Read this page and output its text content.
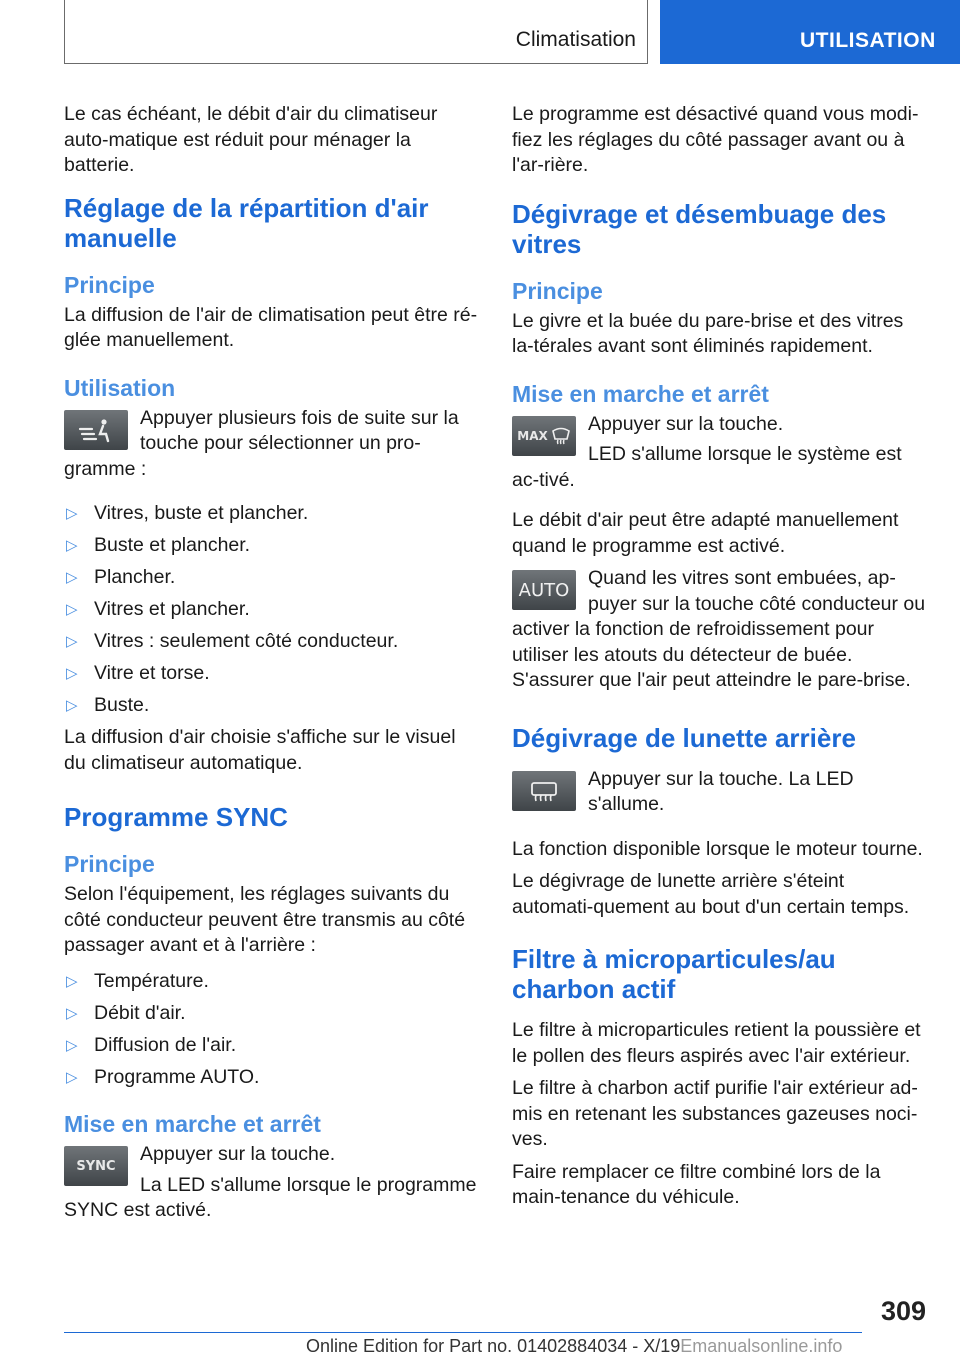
Climatisation	UTILISATION

Le cas échéant, le débit d'air du climatiseur auto-matique est réduit pour ménager la batterie.

Réglage de la répartition d'air manuelle
Principe

La diffusion de l'air de climatisation peut être ré-glée manuellement.

Utilisation

Appuyer plusieurs fois de suite sur la touche pour sélectionner un pro-gramme :

▷ Vitres, buste et plancher.
▷ Buste et plancher.
▷ Plancher.
▷ Vitres et plancher.
▷ Vitres : seulement côté conducteur.
▷ Vitre et torse.
▷ Buste.

La diffusion d'air choisie s'affiche sur le visuel du climatiseur automatique.

Programme SYNC
Principe

Selon l'équipement, les réglages suivants du côté conducteur peuvent être transmis au côté passager avant et à l'arrière :

▷ Température.
▷ Débit d'air.
▷ Diffusion de l'air.
▷ Programme AUTO.
Mise en marche et arrêt
SYNC

Appuyer sur la touche.

La LED s'allume lorsque le programme SYNC est activé.

Le programme est désactivé quand vous modi-fiez les réglages du côté passager avant ou à l'ar-rière.

Dégivrage et désembuage des vitres
Principe

Le givre et la buée du pare-brise et des vitres la-térales avant sont éliminés rapidement.

Mise en marche et arrêt
MAX

Appuyer sur la touche.

LED s'allume lorsque le système est ac-tivé.

Le débit d'air peut être adapté manuellement quand le programme est activé.

AUTO

Quand les vitres sont embuées, ap-puyer sur la touche côté conducteur ou activer la fonction de refroidissement pour utiliser les atouts du détecteur de buée. S'assurer que l'air peut atteindre le pare-brise.

Dégivrage de lunette arrière

Appuyer sur la touche. La LED s'allume.

La fonction disponible lorsque le moteur tourne.

Le dégivrage de lunette arrière s'éteint automati-quement au bout d'un certain temps.

Filtre à microparticules/au charbon actif

Le filtre à microparticules retient la poussière et le pollen des fleurs aspirés avec l'air extérieur.

Le filtre à charbon actif purifie l'air extérieur ad-mis en retenant les substances gazeuses noci-ves.

Faire remplacer ce filtre combiné lors de la main-tenance du véhicule.

309
Online Edition for Part no. 01402884034 - X/19Emanualsonline.info
